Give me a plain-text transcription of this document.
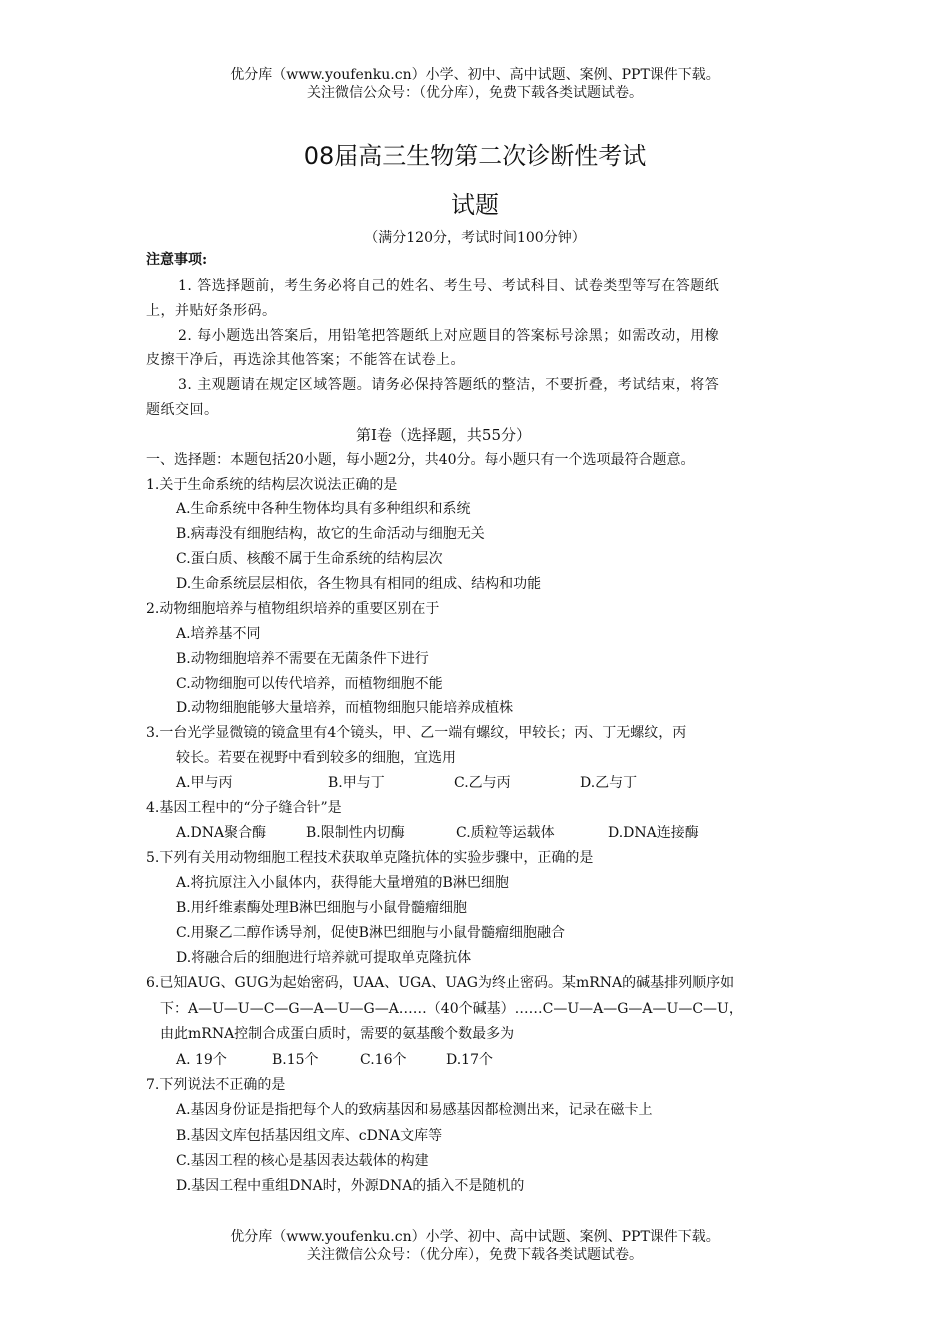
优分库（www.youfenku.cn）小学、初中、高中试题、案例、PPT课件下载。
关注微信公众号：（优分库），免费下载各类试题试卷。
08届高三生物第二次诊断性考试
试题
（满分120分，考试时间100分钟）
注意事项:
1. 答选择题前，考生务必将自己的姓名、考生号、考试科目、试卷类型等写在答题纸
上，并贴好条形码。
2. 每小题选出答案后，用铅笔把答题纸上对应题目的答案标号涂黑；如需改动，用橡
皮擦干净后，再选涂其他答案；不能答在试卷上。
3. 主观题请在规定区域答题。请务必保持答题纸的整洁，不要折叠，考试结束，将答
题纸交回。
第Ⅰ卷（选择题，共55分）
一、选择题：本题包括20小题，每小题2分，共40分。每小题只有一个选项最符合题意。
1.关于生命系统的结构层次说法正确的是
A.生命系统中各种生物体均具有多种组织和系统
B.病毒没有细胞结构，故它的生命活动与细胞无关
C.蛋白质、核酸不属于生命系统的结构层次
D.生命系统层层相依，各生物具有相同的组成、结构和功能
2.动物细胞培养与植物组织培养的重要区别在于
A.培养基不同
B.动物细胞培养不需要在无菌条件下进行
C.动物细胞可以传代培养，而植物细胞不能
D.动物细胞能够大量培养，而植物细胞只能培养成植株
3.一台光学显微镜的镜盒里有4个镜头，甲、乙一端有螺纹，甲较长；丙、丁无螺纹，丙
较长。若要在视野中看到较多的细胞，宜选用
A.甲与丙	B.甲与丁	C.乙与丙	D.乙与丁
4.基因工程中的“分子缝合针”是
A.DNA聚合酶	B.限制性内切酶	C.质粒等运载体	D.DNA连接酶
5.下列有关用动物细胞工程技术获取单克隆抗体的实验步骤中，正确的是
A.将抗原注入小鼠体内，获得能大量增殖的B淋巴细胞
B.用纤维素酶处理B淋巴细胞与小鼠骨髓瘤细胞
C.用聚乙二醇作诱导剂，促使B淋巴细胞与小鼠骨髓瘤细胞融合
D.将融合后的细胞进行培养就可提取单克隆抗体
6.已知AUG、GUG为起始密码，UAA、UGA、UAG为终止密码。某mRNA的碱基排列顺序如
下：A—U—U—C—G—A—U—G—A……（40个碱基）……C—U—A—G—A—U—C—U，
由此mRNA控制合成蛋白质时，需要的氨基酸个数最多为
A. 19个	B.15个	C.16个	D.17个
7.下列说法不正确的是
A.基因身份证是指把每个人的致病基因和易感基因都检测出来，记录在磁卡上
B.基因文库包括基因组文库、cDNA文库等
C.基因工程的核心是基因表达载体的构建
D.基因工程中重组DNA时，外源DNA的插入不是随机的
优分库（www.youfenku.cn）小学、初中、高中试题、案例、PPT课件下载。
关注微信公众号：（优分库），免费下载各类试题试卷。
